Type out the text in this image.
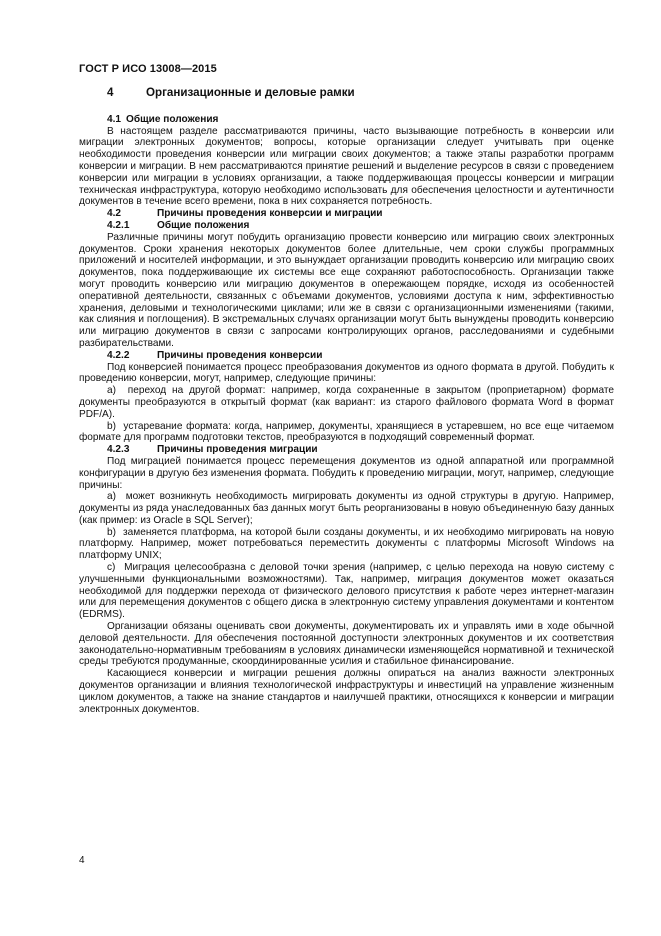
ГОСТ Р ИСО 13008—2015
4	Организационные и деловые рамки
4.1 Общие положения

В настоящем разделе рассматриваются причины, часто вызывающие потребность в конверсии или миграции электронных документов; вопросы, которые организации следует учитывать при оценке необходимости проведения конверсии или миграции своих документов; а также этапы разработки программ конверсии и миграции. В нем рассматриваются принятие решений и выделение ресурсов в связи с проведением конверсии или миграции в условиях организации, а также поддерживающая процессы конверсии и миграции техническая инфраструктура, которую необходимо использовать для обеспечения целостности и аутентичности документов в течение всего времени, пока в них сохраняется потребность.

4.2	Причины проведения конверсии и миграции
4.2.1	Общие положения

Различные причины могут побудить организацию провести конверсию или миграцию своих электронных документов. Сроки хранения некоторых документов более длительные, чем сроки службы программных приложений и носителей информации, и это вынуждает организации проводить конверсию или миграцию своих документов, пока поддерживающие их системы все еще сохраняют работоспособность. Организации также могут проводить конверсию или миграцию документов в опережающем порядке, исходя из особенностей оперативной деятельности, связанных с объемами документов, условиями доступа к ним, эффективностью хранения, деловыми и технологическими циклами; или же в связи с организационными изменениями (такими, как слияния и поглощения). В экстремальных случаях организации могут быть вынуждены проводить конверсию или миграцию документов в связи с запросами контролирующих органов, расследованиями и судебными разбирательствами.

4.2.2	Причины проведения конверсии

Под конверсией понимается процесс преобразования документов из одного формата в другой. Побудить к проведению конверсии, могут, например, следующие причины:

а)  переход на другой формат: например, когда сохраненные в закрытом (проприетарном) формате документы преобразуются в открытый формат (как вариант: из старого файлового формата Word в формат PDF/A).

b)  устаревание формата: когда, например, документы, хранящиеся в устаревшем, но все еще читаемом формате для программ подготовки текстов, преобразуются в подходящий современный формат.

4.2.3	Причины проведения миграции

Под миграцией понимается процесс перемещения документов из одной аппаратной или программной конфигурации в другую без изменения формата. Побудить к проведению миграции, могут, например, следующие причины:

а)  может возникнуть необходимость мигрировать документы из одной структуры в другую. Например, документы из ряда унаследованных баз данных могут быть реорганизованы в новую объединенную базу данных (как пример: из Oracle в SQL Server);

b)  заменяется платформа, на которой были созданы документы, и их необходимо мигрировать на новую платформу. Например, может потребоваться переместить документы с платформы Microsoft Windows на платформу UNIX;

с)  Миграция целесообразна с деловой точки зрения (например, с целью перехода на новую систему с улучшенными функциональными возможностями). Так, например, миграция документов может оказаться необходимой для поддержки перехода от физического делового присутствия к работе через интернет-магазин или для перемещения документов с общего диска в электронную систему управления документами и контентом (EDRMS).

Организации обязаны оценивать свои документы, документировать их и управлять ими в ходе обычной деловой деятельности. Для обеспечения постоянной доступности электронных документов и их соответствия законодательно-нормативным требованиям в условиях динамически изменяющейся нормативной и технической среды требуются продуманные, скоординированные усилия и стабильное финансирование.

Касающиеся конверсии и миграции решения должны опираться на анализ важности электронных документов организации и влияния технологической инфраструктуры и инвестиций на управление жизненным циклом документов, а также на знание стандартов и наилучшей практики, относящихся к конверсии и миграции электронных документов.

4
